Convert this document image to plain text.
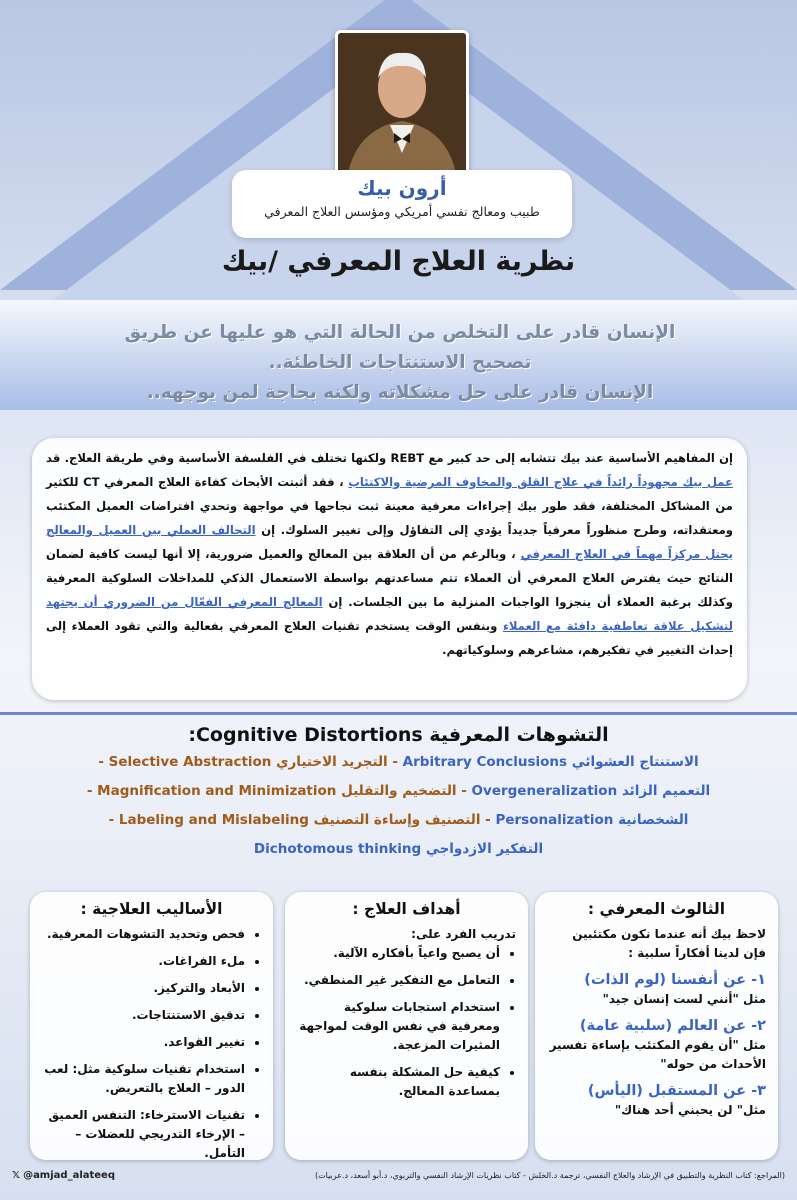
أرون بيك
طبيب ومعالج نفسي أمريكي ومؤسس العلاج المعرفي
نظرية العلاج المعرفي /بيك
الإنسان قادر على التخلص من الحالة التي هو عليها عن طريق
تصحيح الاستنتاجات الخاطئة..
الإنسان قادر على حل مشكلاته ولكنه بحاجة لمن يوجهه..
إن المفاهيم الأساسية عند بيك تتشابه إلى حد كبير مع REBT ولكنها تختلف في الفلسفة الأساسية وفي طريقة العلاج. قد عمل بيك مجهوداً رائداً في علاج القلق والمخاوف المرضية والاكتئاب ، فقد أثبتت الأبحاث كفاءة العلاج المعرفي CT للكثير من المشاكل المختلفة، فقد طور بيك إجراءات معرفية معينة ثبت نجاحها في مواجهة وتحدي افتراضات العميل المكتئب ومعتقداته، وطرح منظوراً معرفياً جديداً يؤدي إلى التفاؤل وإلى تغيير السلوك. إن التحالف العملي بين العميل والمعالج يحتل مركزاً مهماً في العلاج المعرفي ، وبالرغم من أن العلاقة بين المعالج والعميل ضرورية، إلا أنها ليست كافية لضمان النتائج حيث يفترض العلاج المعرفي أن العملاء تتم مساعدتهم بواسطة الاستعمال الذكي للمداخلات السلوكية المعرفية وكذلك برغبة العملاء أن ينجزوا الواجبات المنزلية ما بين الجلسات. إن المعالج المعرفي الفعّال من الضروري أن يجتهد لتشكيل علاقة تعاطفية دافئة مع العملاء وبنفس الوقت يستخدم تقنيات العلاج المعرفي بفعالية والتي تقود العملاء إلى إحداث التغيير في تفكيرهم، مشاعرهم وسلوكياتهم.
التشوهات المعرفية Cognitive Distortions:
الاستنتاج العشوائي Arbitrary Conclusions - التجريد الاختياري Selective Abstraction -
التعميم الزائد Overgeneralization - التضخيم والتقليل Magnification and Minimization -
الشخصانية Personalization - التصنيف وإساءة التصنيف Labeling and Mislabeling -
التفكير الازدواجي Dichotomous thinking
الثالوث المعرفي :
لاحظ بيك أنه عندما نكون مكتئبين فإن لدينا أفكاراً سلبية :
١- عن أنفسنا (لوم الذات)
مثل "أنني لست إنسان جيد"
٢- عن العالم (سلبية عامة)
مثل "أن يقوم المكتئب بإساءة تفسير الأحداث من حوله"
٣- عن المستقبل (اليأس)
مثل" لن يحبني أحد هناك"
أهداف العلاج :
تدريب الفرد على:
• أن يصبح واعياً بأفكاره الآلية.
• التعامل مع التفكير غير المنطقي.
• استخدام استجابات سلوكية ومعرفية في نفس الوقت لمواجهة المثيرات المزعجة.
• كيفية حل المشكلة بنفسه بمساعدة المعالج.
الأساليب العلاجية :
• فحص وتحديد التشوهات المعرفية.
• ملء الفراغات.
• الأبعاد والتركيز.
• تدقيق الاستنتاجات.
• تغيير القواعد.
• استخدام تقنيات سلوكية مثل: لعب الدور – العلاج بالتعريض.
• تقنيات الاسترخاء: التنفس العميق – الإرخاء التدريجي للعضلات – التأمل.
𝕏 @amjad_alateeq	(المراجع: كتاب النظرية والتطبيق في الإرشاد والعلاج النفسي، ترجمة د.الخلش - كتاب نظريات الإرشاد النفسي والتربوي، د.أبو أسعد، د.عربيات)
